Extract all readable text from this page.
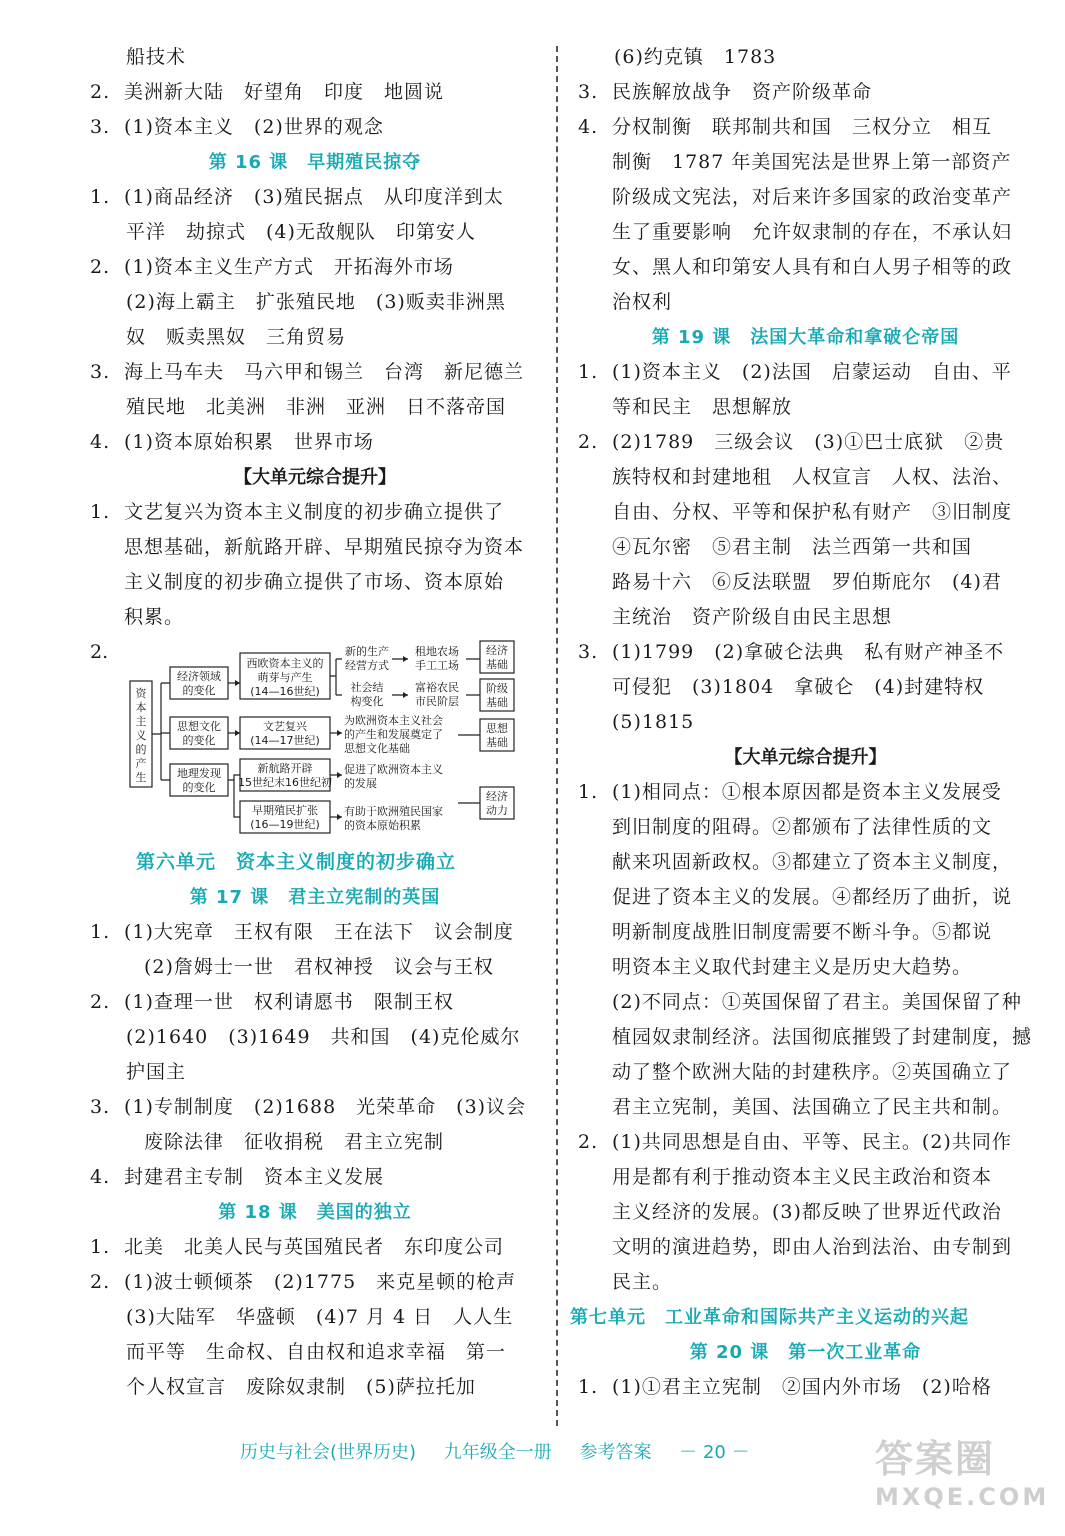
船技术
2. 美洲新大陆　好望角　印度　地圆说
3. (1)资本主义　(2)世界的观念
第 16 课　早期殖民掠夺
1. (1)商品经济　(3)殖民据点　从印度洋到太
平洋　劫掠式　(4)无敌舰队　印第安人
2. (1)资本主义生产方式　开拓海外市场
(2)海上霸主　扩张殖民地　(3)贩卖非洲黑
奴　贩卖黑奴　三角贸易
3. 海上马车夫　马六甲和锡兰　台湾　新尼德兰
殖民地　北美洲　非洲　亚洲　日不落帝国
4. (1)资本原始积累　世界市场
【大单元综合提升】
1. 文艺复兴为资本主义制度的初步确立提供了
思想基础，新航路开辟、早期殖民掠夺为资本
主义制度的初步确立提供了市场、资本原始
积累。
2.
资
本
主
义
的
产
生
经济领域
的变化
思想文化
的变化
地理发现
的变化
西欧资本主义的
萌芽与产生
(14—16世纪)
文艺复兴
(14—17世纪)
新航路开辟
15世纪末16世纪初
早期殖民扩张
(16—19世纪)
新的生产
经营方式
社会结
构变化
租地农场
手工工场
富裕农民
市民阶层
经济
基础
阶级
基础
思想
基础
经济
动力
为欧洲资本主义社会
的产生和发展奠定了
思想文化基础
促进了欧洲资本主义
的发展
有助于欧洲殖民国家
的资本原始积累
第六单元　资本主义制度的初步确立
第 17 课　君主立宪制的英国
1. (1)大宪章　王权有限　王在法下　议会制度
(2)詹姆士一世　君权神授　议会与王权
2. (1)查理一世　权利请愿书　限制王权
(2)1640　(3)1649　共和国　(4)克伦威尔
护国主
3. (1)专制制度　(2)1688　光荣革命　(3)议会
废除法律　征收捐税　君主立宪制
4. 封建君主专制　资本主义发展
第 18 课　美国的独立
1. 北美　北美人民与英国殖民者　东印度公司
2. (1)波士顿倾茶　(2)1775　来克星顿的枪声
(3)大陆军　华盛顿　(4)7 月 4 日　人人生
而平等　生命权、自由权和追求幸福　第一
个人权宣言　废除奴隶制　(5)萨拉托加
(6)约克镇　1783
3. 民族解放战争　资产阶级革命
4. 分权制衡　联邦制共和国　三权分立　相互
制衡　1787 年美国宪法是世界上第一部资产
阶级成文宪法，对后来许多国家的政治变革产
生了重要影响　允许奴隶制的存在，不承认妇
女、黑人和印第安人具有和白人男子相等的政
治权利
第 19 课　法国大革命和拿破仑帝国
1. (1)资本主义　(2)法国　启蒙运动　自由、平
等和民主　思想解放
2. (2)1789　三级会议　(3)①巴士底狱　②贵
族特权和封建地租　人权宣言　人权、法治、
自由、分权、平等和保护私有财产　③旧制度
④瓦尔密　⑤君主制　法兰西第一共和国
路易十六　⑥反法联盟　罗伯斯庇尔　(4)君
主统治　资产阶级自由民主思想
3. (1)1799　(2)拿破仑法典　私有财产神圣不
可侵犯　(3)1804　拿破仑　(4)封建特权
(5)1815
【大单元综合提升】
1. (1)相同点：①根本原因都是资本主义发展受
到旧制度的阻碍。②都颁布了法律性质的文
献来巩固新政权。③都建立了资本主义制度，
促进了资本主义的发展。④都经历了曲折，说
明新制度战胜旧制度需要不断斗争。⑤都说
明资本主义取代封建主义是历史大趋势。
(2)不同点：①英国保留了君主。美国保留了种
植园奴隶制经济。法国彻底摧毁了封建制度，撼
动了整个欧洲大陆的封建秩序。②英国确立了
君主立宪制，美国、法国确立了民主共和制。
2. (1)共同思想是自由、平等、民主。(2)共同作
用是都有利于推动资本主义民主政治和资本
主义经济的发展。(3)都反映了世界近代政治
文明的演进趋势，即由人治到法治、由专制到
民主。
第七单元　工业革命和国际共产主义运动的兴起
第 20 课　第一次工业革命
1. (1)①君主立宪制　②国内外市场　(2)哈格
历史与社会(世界历史) 九年级全一册 参考答案 － 20 －	答案圈
MXQE.COM
